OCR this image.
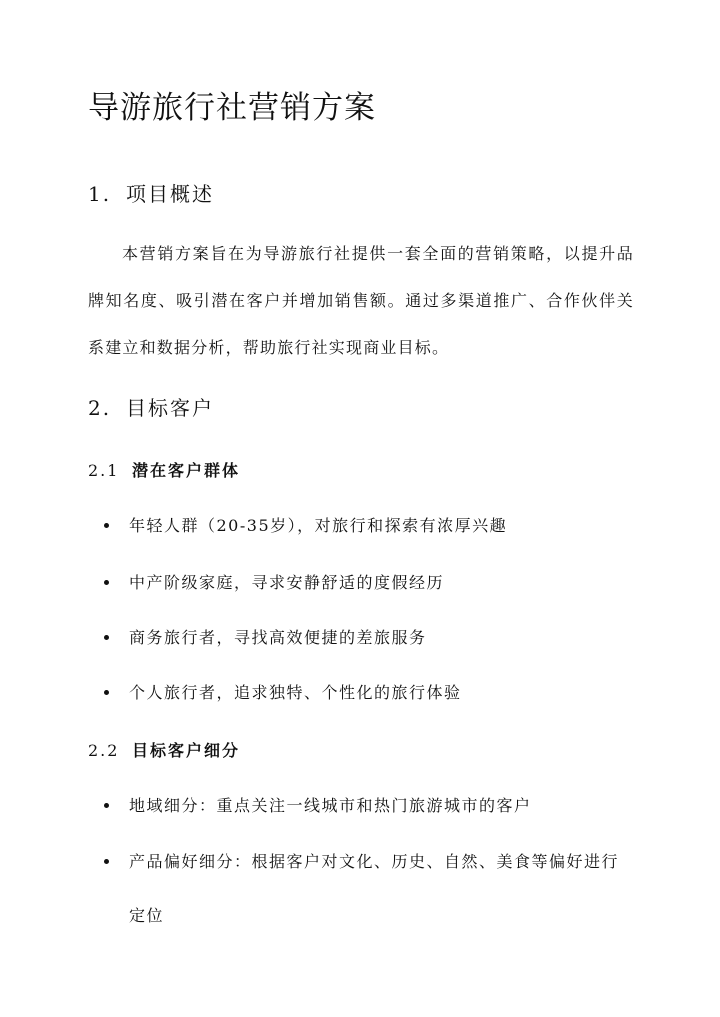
导游旅行社营销方案
1. 项目概述

本营销方案旨在为导游旅行社提供一套全面的营销策略，以提升品牌知名度、吸引潜在客户并增加销售额。通过多渠道推广、合作伙伴关系建立和数据分析，帮助旅行社实现商业目标。

2. 目标客户
2.1 潜在客户群体
年轻人群（20-35岁），对旅行和探索有浓厚兴趣
中产阶级家庭，寻求安静舒适的度假经历
商务旅行者，寻找高效便捷的差旅服务
个人旅行者，追求独特、个性化的旅行体验
2.2 目标客户细分
地域细分：重点关注一线城市和热门旅游城市的客户
产品偏好细分：根据客户对文化、历史、自然、美食等偏好进行定位
